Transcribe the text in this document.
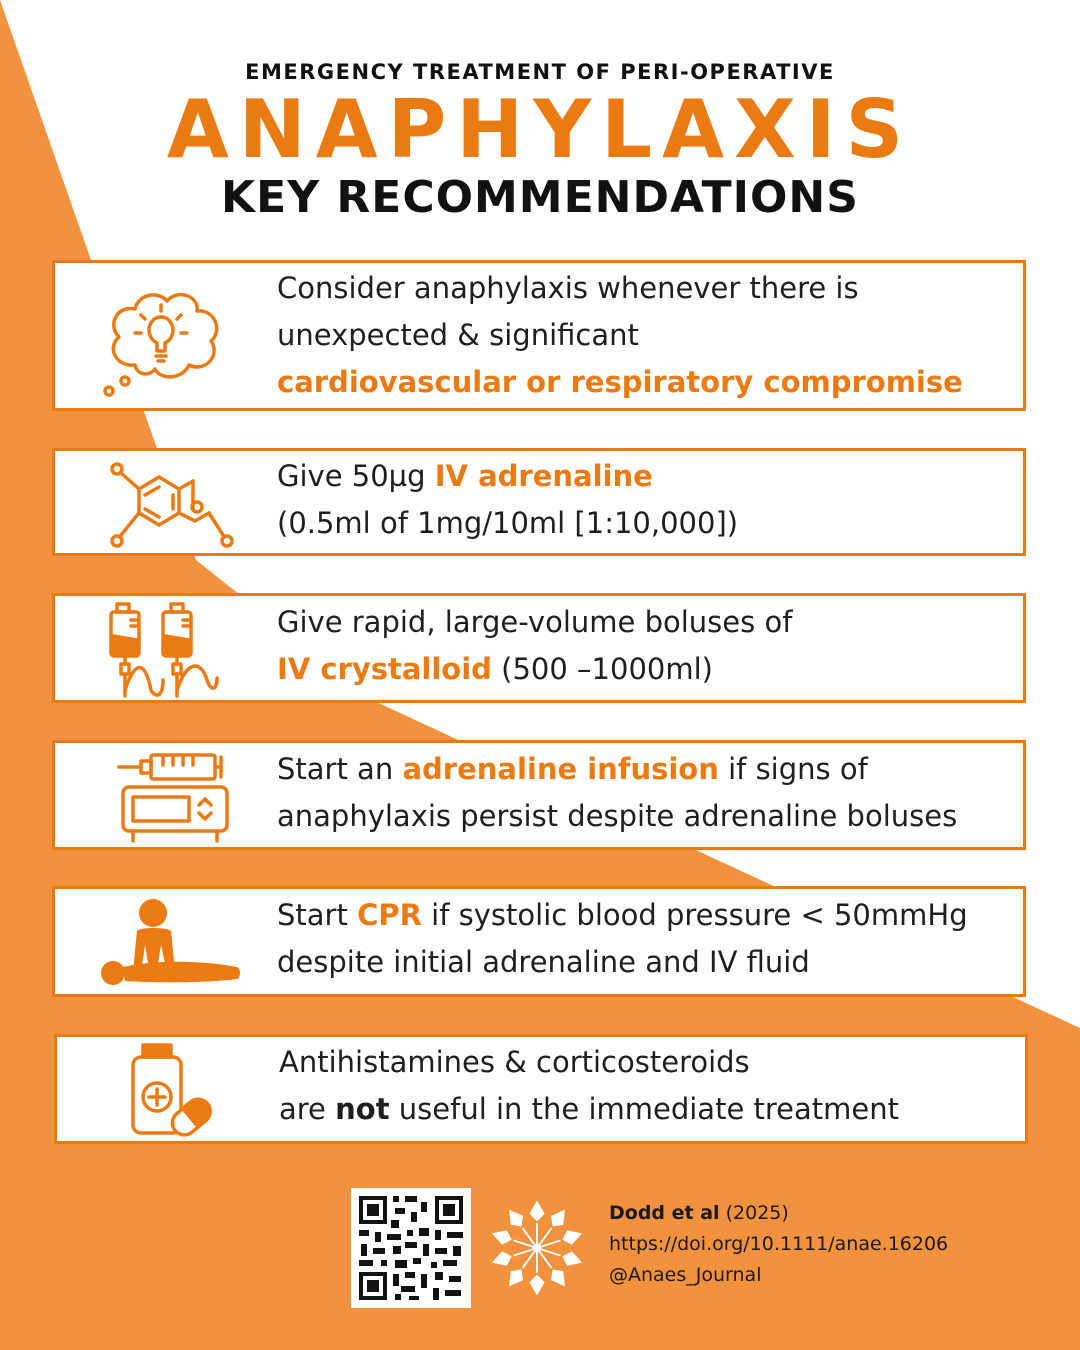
EMERGENCY TREATMENT OF PERI-OPERATIVE
ANAPHYLAXIS
KEY RECOMMENDATIONS
Consider anaphylaxis whenever there is
unexpected & significant
cardiovascular or respiratory compromise
Give 50µg IV adrenaline
(0.5ml of 1mg/10ml [1:10,000])
Give rapid, large-volume boluses of
IV crystalloid (500 –1000ml)
Start an adrenaline infusion if signs of
anaphylaxis persist despite adrenaline boluses
Start CPR if systolic blood pressure < 50mmHg
despite initial adrenaline and IV fluid
Antihistamines & corticosteroids
are not useful in the immediate treatment
Dodd et al (2025)
https://doi.org/10.1111/anae.16206
@Anaes_Journal
